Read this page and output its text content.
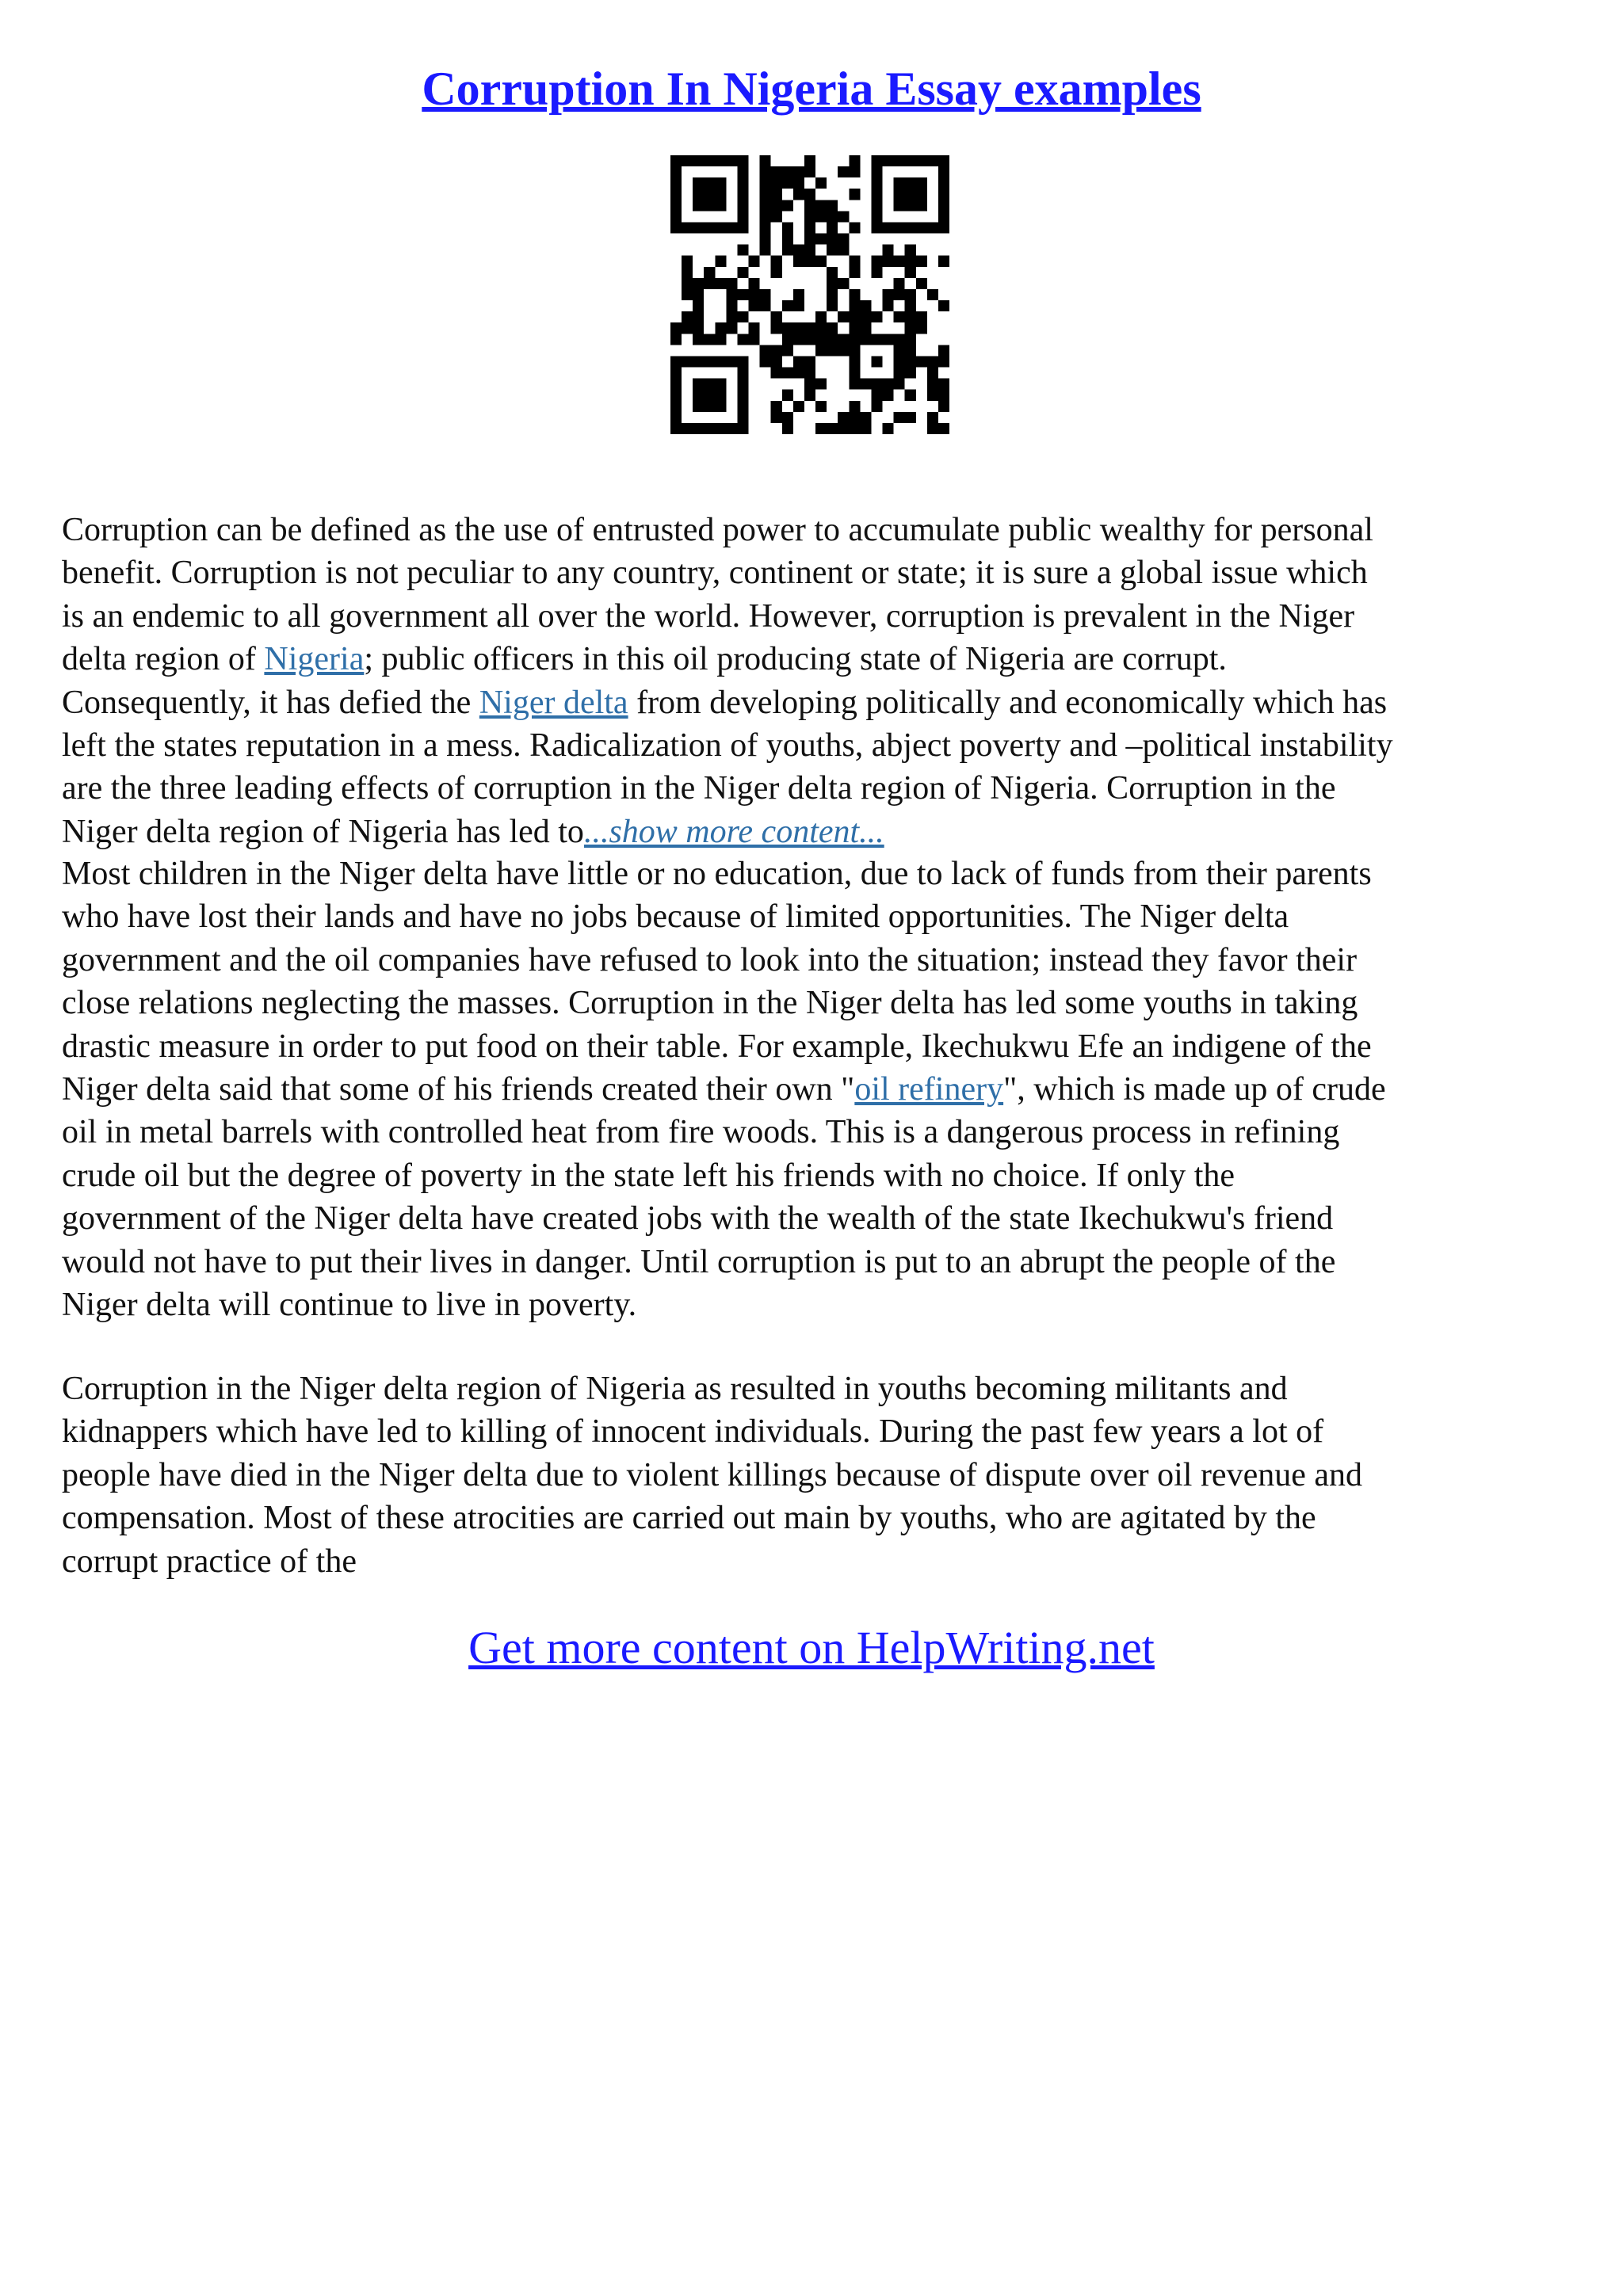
Corruption In Nigeria Essay examples
Corruption can be defined as the use of entrusted power to accumulate public wealthy for personal
benefit. Corruption is not peculiar to any country, continent or state; it is sure a global issue which
is an endemic to all government all over the world. However, corruption is prevalent in the Niger
delta region of Nigeria; public officers in this oil producing state of Nigeria are corrupt.
Consequently, it has defied the Niger delta from developing politically and economically which has
left the states reputation in a mess. Radicalization of youths, abject poverty and –political instability
are the three leading effects of corruption in the Niger delta region of Nigeria. Corruption in the
Niger delta region of Nigeria has led to...show more content...
Most children in the Niger delta have little or no education, due to lack of funds from their parents
who have lost their lands and have no jobs because of limited opportunities. The Niger delta
government and the oil companies have refused to look into the situation; instead they favor their
close relations neglecting the masses. Corruption in the Niger delta has led some youths in taking
drastic measure in order to put food on their table. For example, Ikechukwu Efe an indigene of the
Niger delta said that some of his friends created their own "oil refinery", which is made up of crude
oil in metal barrels with controlled heat from fire woods. This is a dangerous process in refining
crude oil but the degree of poverty in the state left his friends with no choice. If only the
government of the Niger delta have created jobs with the wealth of the state Ikechukwu's friend
would not have to put their lives in danger. Until corruption is put to an abrupt the people of the
Niger delta will continue to live in poverty.
Corruption in the Niger delta region of Nigeria as resulted in youths becoming militants and
kidnappers which have led to killing of innocent individuals. During the past few years a lot of
people have died in the Niger delta due to violent killings because of dispute over oil revenue and
compensation. Most of these atrocities are carried out main by youths, who are agitated by the
corrupt practice of the
Get more content on HelpWriting.net
